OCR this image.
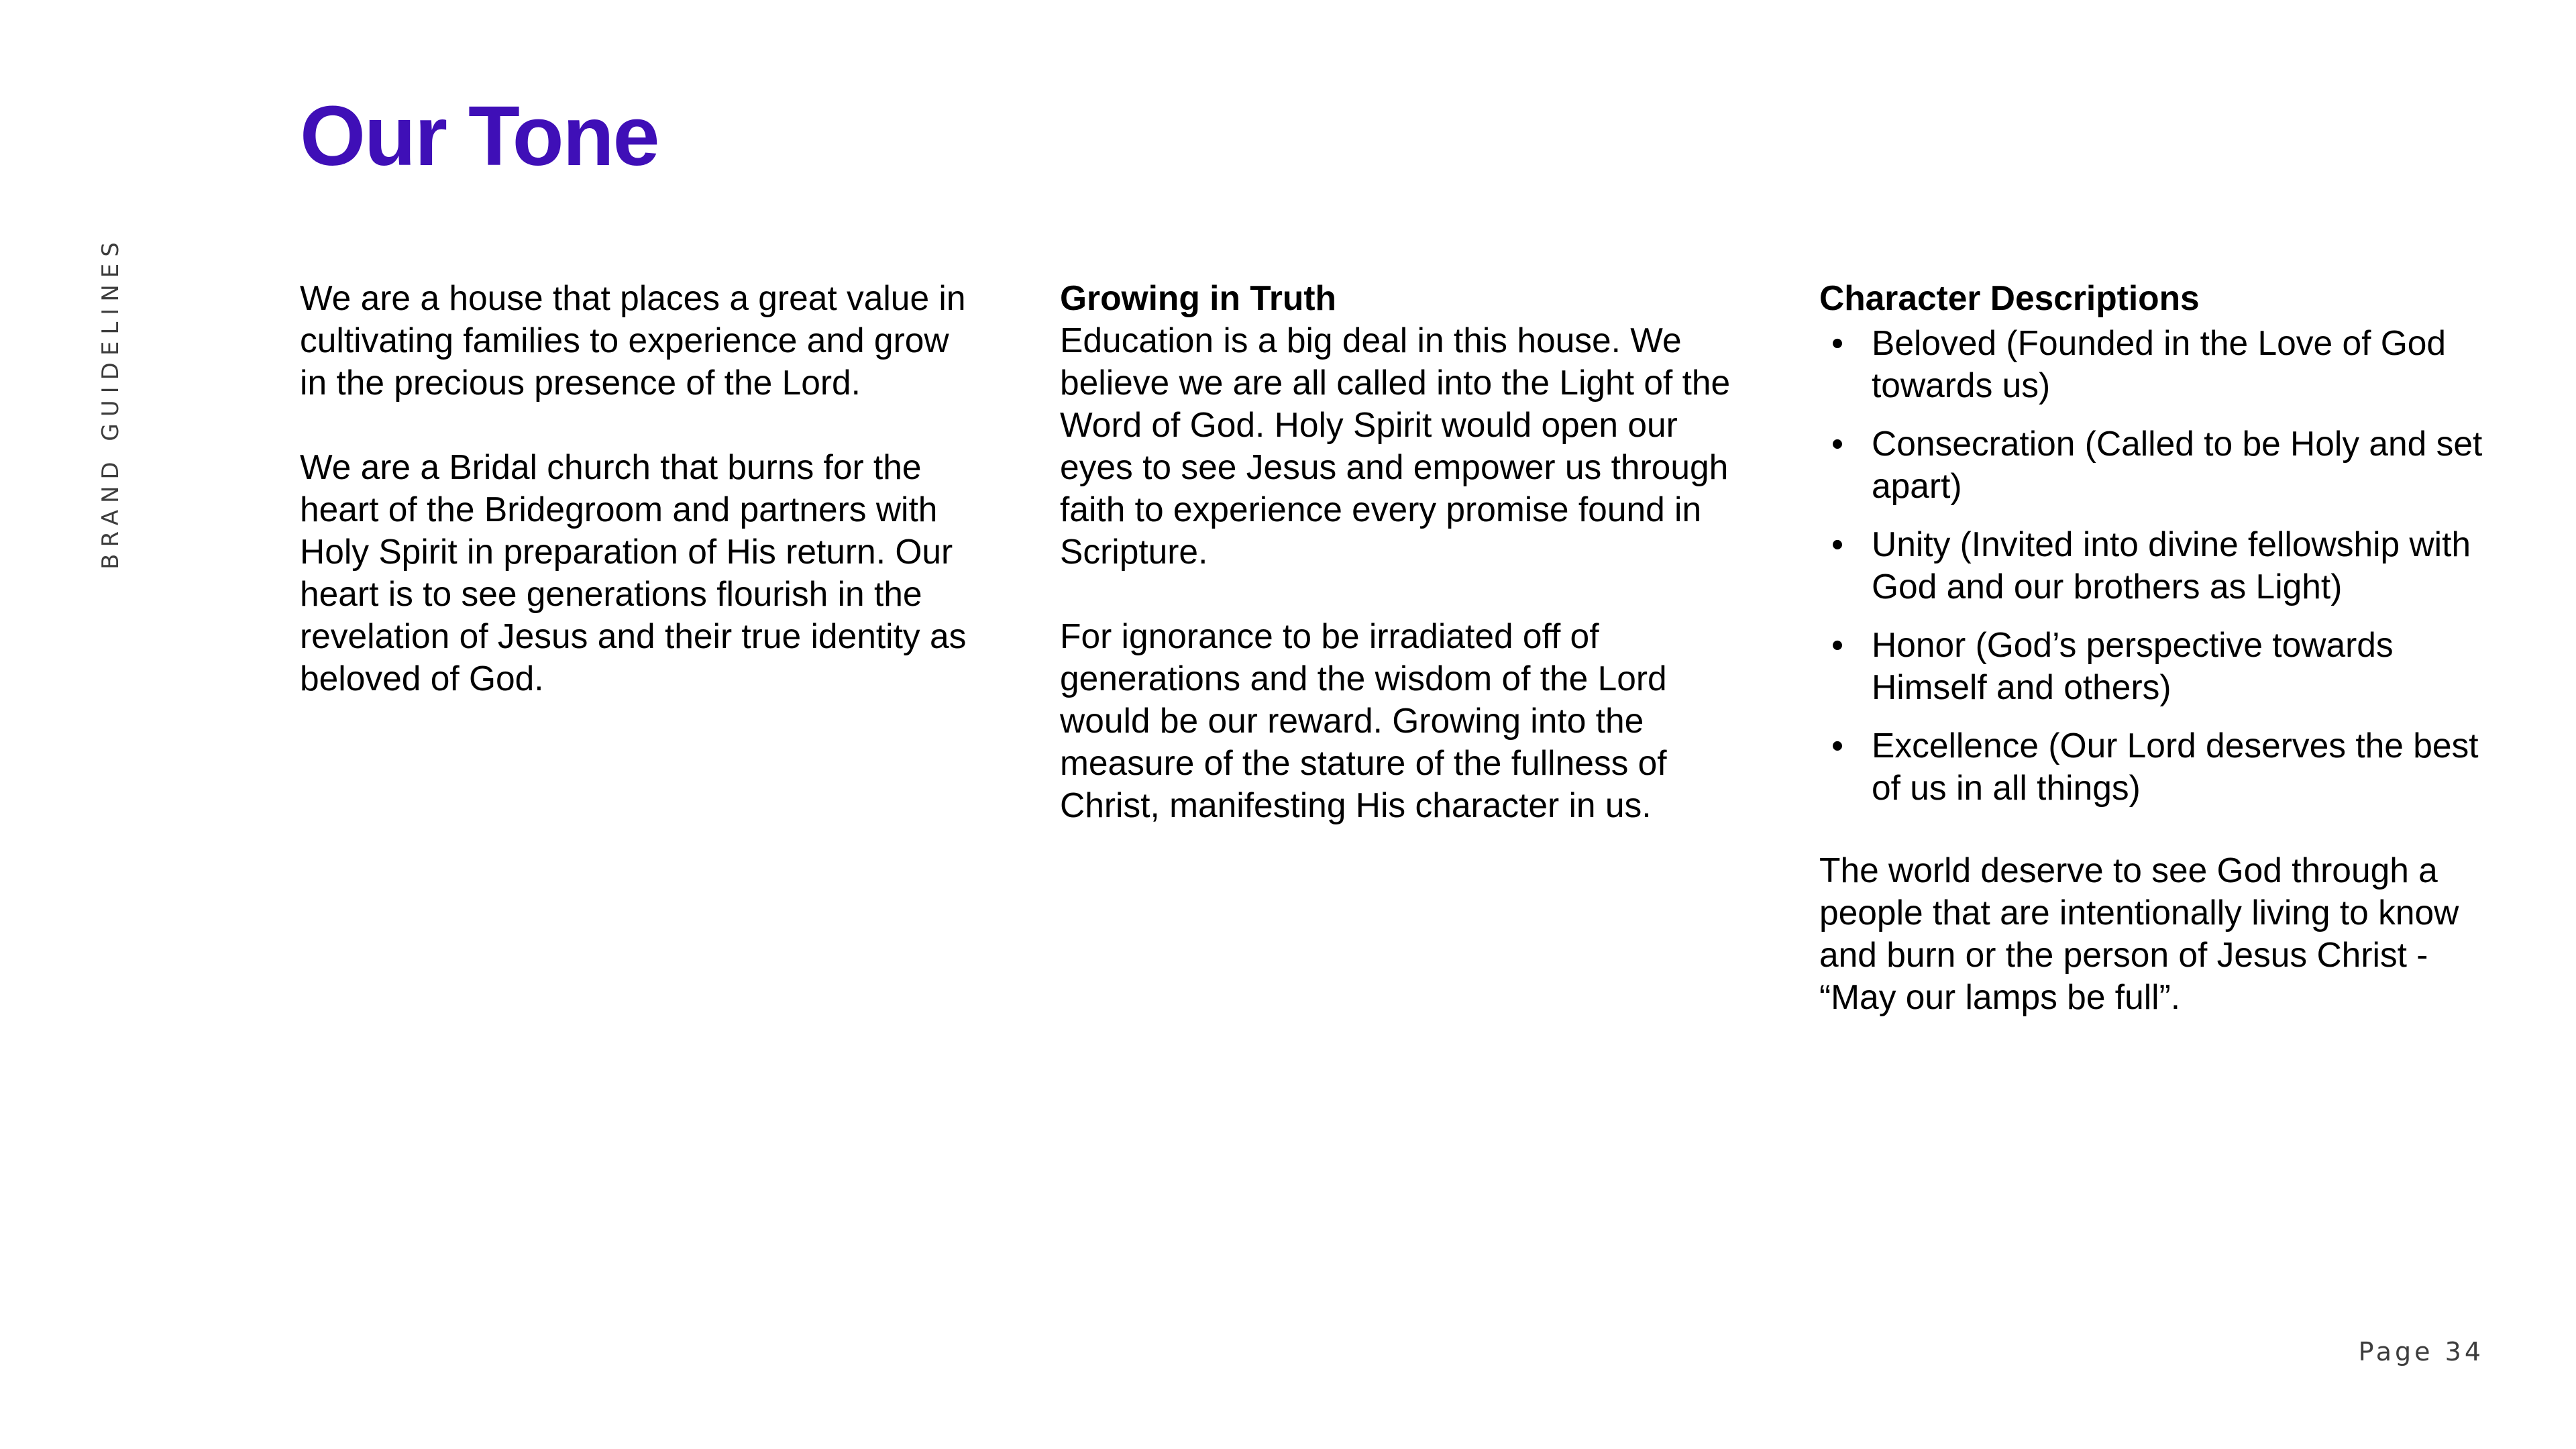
BRAND GUIDELINES
Our Tone

We are a house that places a great value in cultivating families to experience and grow in the precious presence of the Lord.

We are a Bridal church that burns for the heart of the Bridegroom and partners with Holy Spirit in preparation of His return. Our heart is to see generations flourish in the revelation of Jesus and their true identity as beloved of God.

Growing in Truth

Education is a big deal in this house. We believe we are all called into the Light of the Word of God. Holy Spirit would open our eyes to see Jesus and empower us through faith to experience every promise found in Scripture.

For ignorance to be irradiated off of generations and the wisdom of the Lord would be our reward. Growing into the measure of the stature of the fullness of Christ, manifesting His character in us.

Character Descriptions
• Beloved (Founded in the Love of God towards us)
• Consecration (Called to be Holy and set apart)
• Unity (Invited into divine fellowship with God and our brothers as Light)
• Honor (God’s perspective towards Himself and others)
• Excellence (Our Lord deserves the best of us in all things)

The world deserve to see God through a people that are intentionally living to know and burn or the person of Jesus Christ - “May our lamps be full”.

Page 34
